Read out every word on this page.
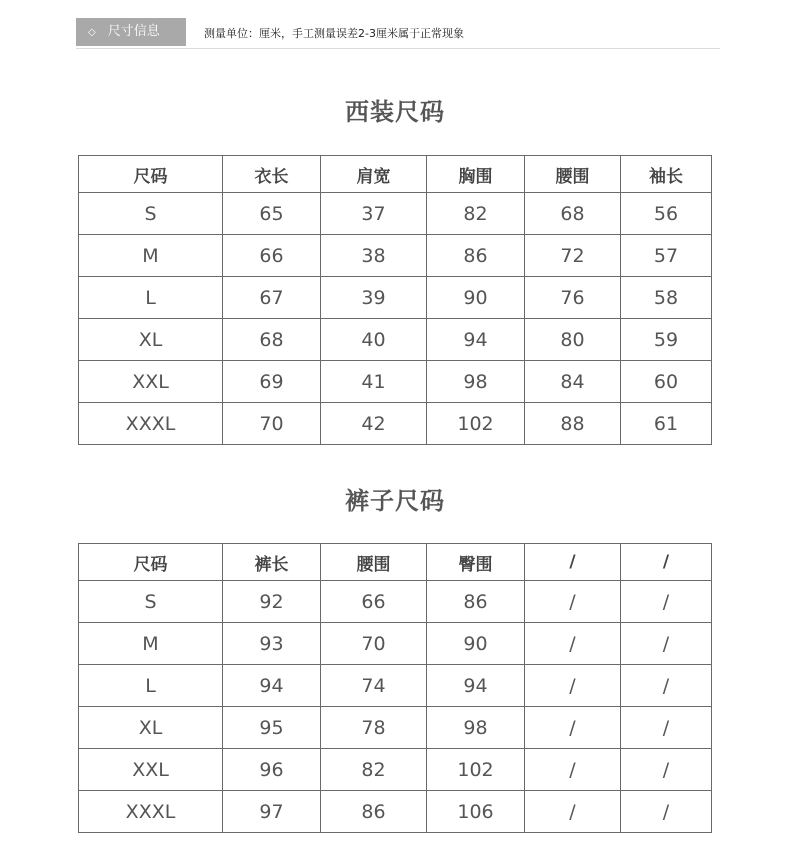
◇ 尺寸信息	测量单位：厘米，手工测量误差2-3厘米属于正常现象
西装尺码
尺码	衣长	肩宽	胸围	腰围	袖长
S	65	37	82	68	56
M	66	38	86	72	57
L	67	39	90	76	58
XL	68	40	94	80	59
XXL	69	41	98	84	60
XXXL	70	42	102	88	61
裤子尺码
尺码	裤长	腰围	臀围	/	/
S	92	66	86	/	/
M	93	70	90	/	/
L	94	74	94	/	/
XL	95	78	98	/	/
XXL	96	82	102	/	/
XXXL	97	86	106	/	/
